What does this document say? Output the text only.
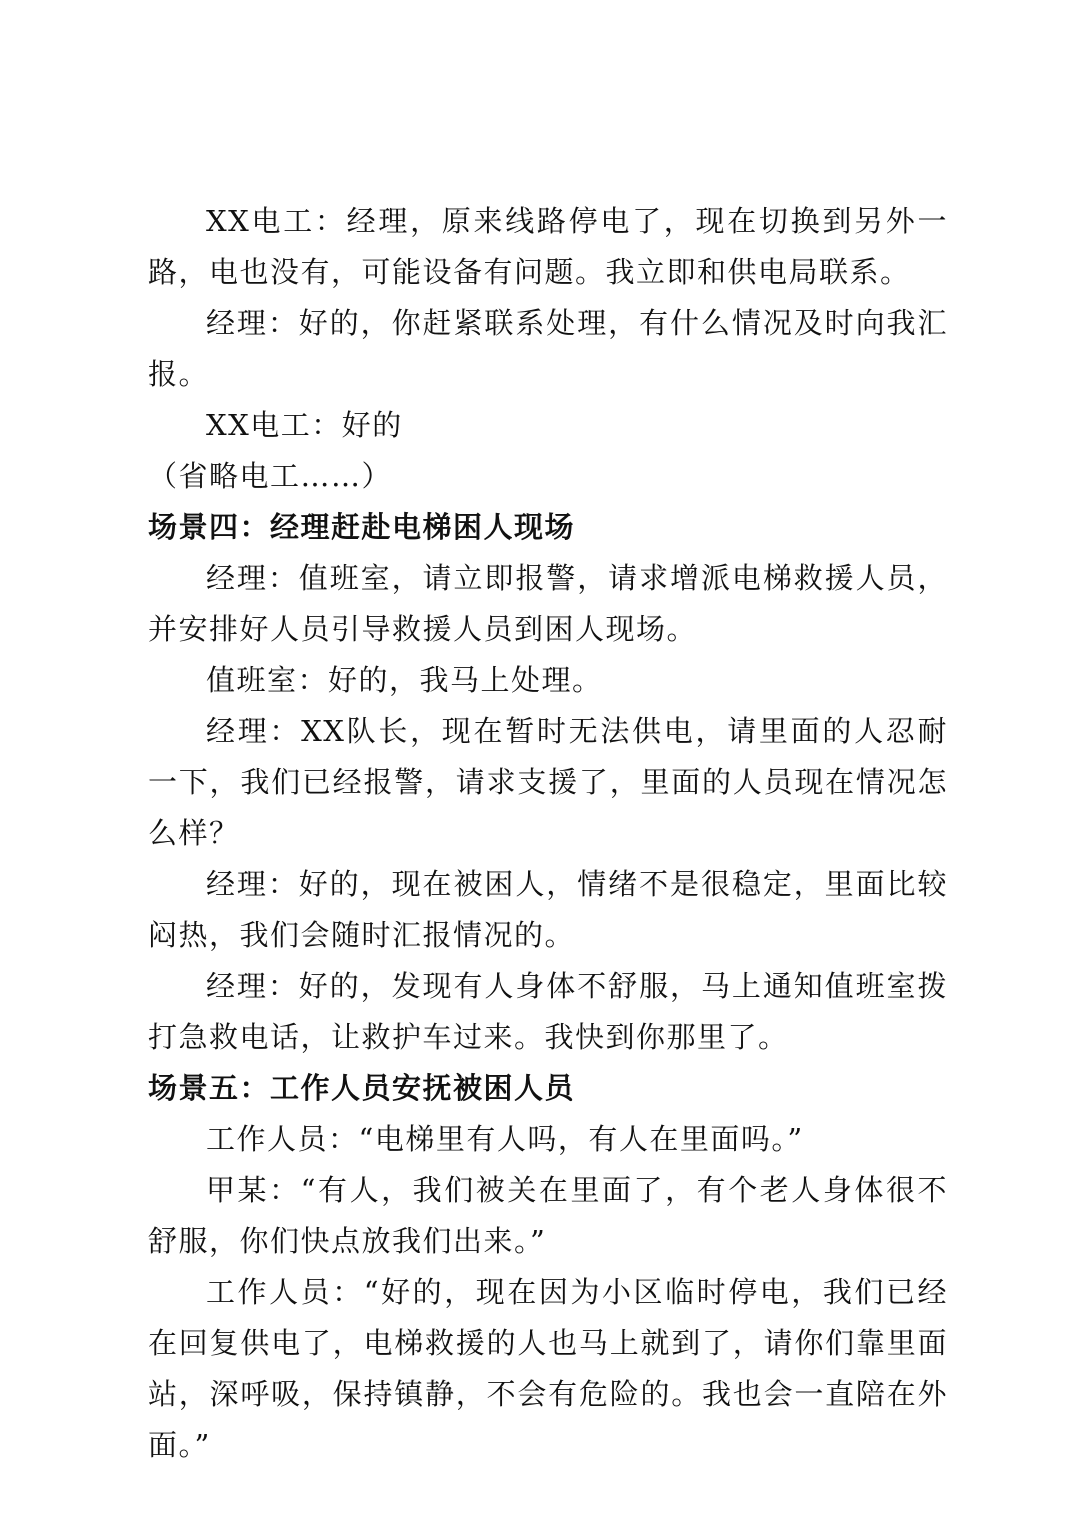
XX电工：经理，原来线路停电了，现在切换到另外一路，电也没有，可能设备有问题。我立即和供电局联系。

经理：好的，你赶紧联系处理，有什么情况及时向我汇报。

XX电工：好的

（省略电工……）

场景四：经理赶赴电梯困人现场

经理：值班室，请立即报警，请求增派电梯救援人员，并安排好人员引导救援人员到困人现场。

值班室：好的，我马上处理。

经理：XX队长，现在暂时无法供电，请里面的人忍耐一下，我们已经报警，请求支援了，里面的人员现在情况怎么样？

经理：好的，现在被困人，情绪不是很稳定，里面比较闷热，我们会随时汇报情况的。

经理：好的，发现有人身体不舒服，马上通知值班室拨打急救电话，让救护车过来。我快到你那里了。

场景五：工作人员安抚被困人员

工作人员：“电梯里有人吗，有人在里面吗。”

甲某：“有人，我们被关在里面了，有个老人身体很不舒服，你们快点放我们出来。”

工作人员：“好的，现在因为小区临时停电，我们已经在回复供电了，电梯救援的人也马上就到了，请你们靠里面站，深呼吸，保持镇静，不会有危险的。我也会一直陪在外面。”
